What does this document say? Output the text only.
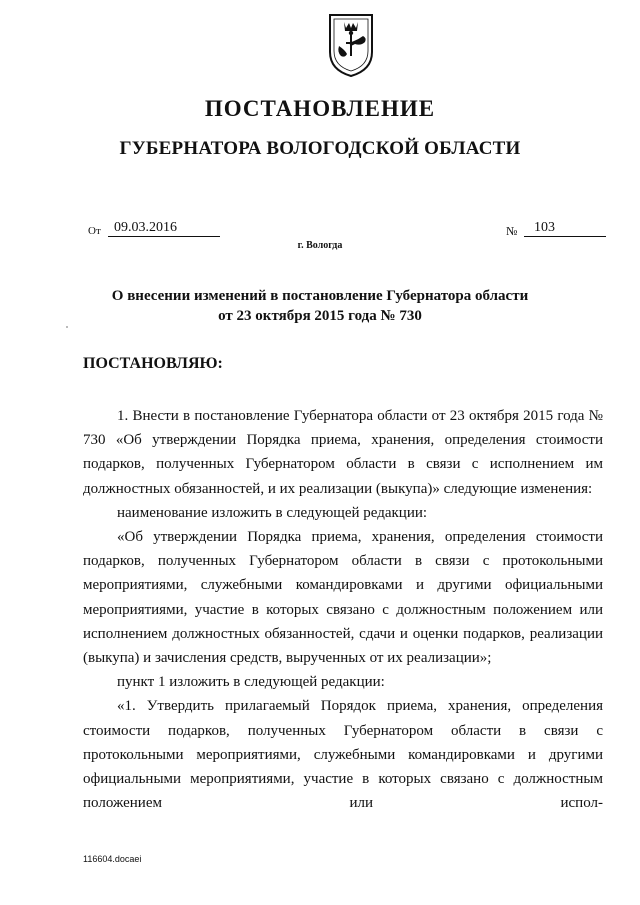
ПОСТАНОВЛЕНИЕ
ГУБЕРНАТОРА ВОЛОГОДСКОЙ ОБЛАСТИ
От 09.03.2016	№	103
г. Вологда
О внесении изменений в постановление Губернатора области
от 23 октября 2015 года № 730
ПОСТАНОВЛЯЮ:

1. Внести в постановление Губернатора области от 23 октября 2015 года № 730 «Об утверждении Порядка приема, хранения, определения стоимости подарков, полученных Губернатором области в связи с исполнением им должностных обязанностей, и их реализации (выкупа)» следующие изменения:

наименование изложить в следующей редакции:

«Об утверждении Порядка приема, хранения, определения стоимости подарков, полученных Губернатором области в связи с протокольными мероприятиями, служебными командировками и другими официальными мероприятиями, участие в которых связано с должностным положением или исполнением должностных обязанностей, сдачи и оценки подарков, реализации (выкупа) и зачисления средств, вырученных от их реализации»;

пункт 1 изложить в следующей редакции:

«1. Утвердить прилагаемый Порядок приема, хранения, определения стоимости подарков, полученных Губернатором области в связи с протокольными мероприятиями, служебными командировками и другими официальными мероприятиями, участие в которых связано с должностным положением или испол-

116604.docaei
